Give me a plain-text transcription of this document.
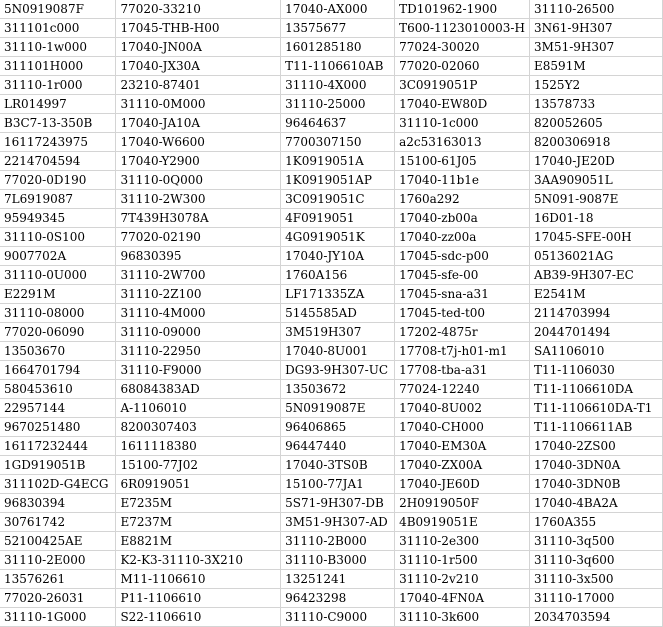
5N0919087F	77020-33210	17040-AX000	TD101962-1900	31110-26500
311101c000	17045-THB-H00	13575677	T600-1123010003-H	3N61-9H307
31110-1w000	17040-JN00A	1601285180	77024-30020	3M51-9H307
311101H000	17040-JX30A	T11-1106610AB	77020-02060	E8591M
31110-1r000	23210-87401	31110-4X000	3C0919051P	1525Y2
LR014997	31110-0M000	31110-25000	17040-EW80D	13578733
B3C7-13-350B	17040-JA10A	96464637	31110-1c000	820052605
16117243975	17040-W6600	7700307150	a2c53163013	8200306918
2214704594	17040-Y2900	1K0919051A	15100-61J05	17040-JE20D
77020-0D190	31110-0Q000	1K0919051AP	17040-11b1e	3AA909051L
7L6919087	31110-2W300	3C0919051C	1760a292	5N091-9087E
95949345	7T439H3078A	4F0919051	17040-zb00a	16D01-18
31110-0S100	77020-02190	4G0919051K	17040-zz00a	17045-SFE-00H
9007702A	96830395	17040-JY10A	17045-sdc-p00	05136021AG
31110-0U000	31110-2W700	1760A156	17045-sfe-00	AB39-9H307-EC
E2291M	31110-2Z100	LF171335ZA	17045-sna-a31	E2541M
31110-08000	31110-4M000	5145585AD	17045-ted-t00	2114703994
77020-06090	31110-09000	3M519H307	17202-4875r	2044701494
13503670	31110-22950	17040-8U001	17708-t7j-h01-m1	SA1106010
1664701794	31110-F9000	DG93-9H307-UC	17708-tba-a31	T11-1106030
580453610	68084383AD	13503672	77024-12240	T11-1106610DA
22957144	A-1106010	5N0919087E	17040-8U002	T11-1106610DA-T1
9670251480	8200307403	96406865	17040-CH000	T11-1106611AB
16117232444	1611118380	96447440	17040-EM30A	17040-2ZS00
1GD919051B	15100-77J02	17040-3TS0B	17040-ZX00A	17040-3DN0A
311102D-G4ECG	6R0919051	15100-77JA1	17040-JE60D	17040-3DN0B
96830394	E7235M	5S71-9H307-DB	2H0919050F	17040-4BA2A
30761742	E7237M	3M51-9H307-AD	4B0919051E	1760A355
52100425AE	E8821M	31110-2B000	31110-2e300	31110-3q500
31110-2E000	K2-K3-31110-3X210	31110-B3000	31110-1r500	31110-3q600
13576261	M11-1106610	13251241	31110-2v210	31110-3x500
77020-26031	P11-1106610	96423298	17040-4FN0A	31110-17000
31110-1G000	S22-1106610	31110-C9000	31110-3k600	2034703594
